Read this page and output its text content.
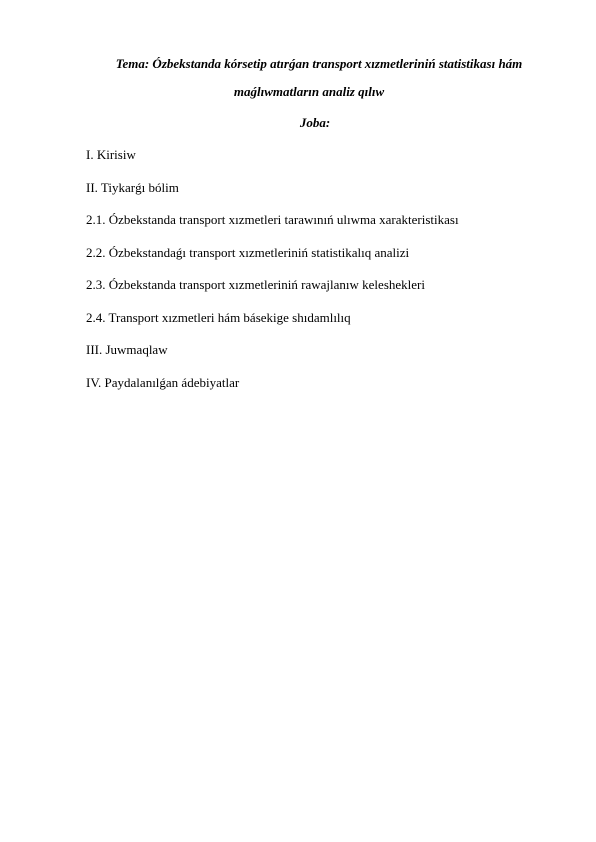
Tema: Ózbekstanda kórsetip atırǵan transport xızmetleriniń statistikası hám
maǵlıwmatların analiz qılıw
Joba:
I. Kirisiw
II. Tiykarǵı bólim
2.1. Ózbekstanda transport xızmetleri tarawınıń ulıwma xarakteristikası
2.2. Ózbekstandaǵı transport xızmetleriniń statistikalıq analizi
2.3. Ózbekstanda transport xızmetleriniń rawajlanıw keleshekleri
2.4. Transport xızmetleri hám básekige shıdamlılıq
III. Juwmaqlaw
IV. Paydalanılǵan ádebiyatlar
